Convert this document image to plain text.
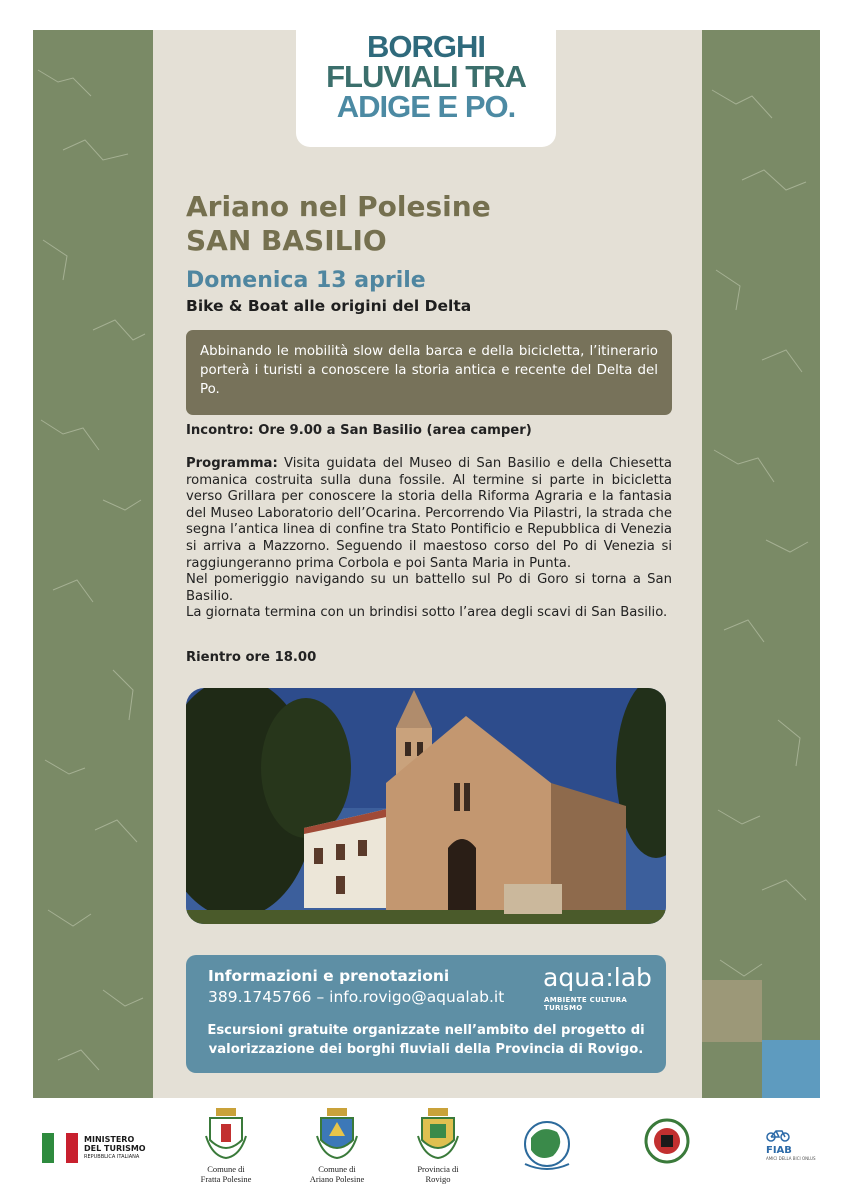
BORGHI
FLUVIALI TRA
ADIGE E PO.
Ariano nel Polesine
SAN BASILIO
Domenica 13 aprile
Bike & Boat alle origini del Delta
Abbinando le mobilità slow della barca e della bicicletta, l’itinerario porterà i turisti a conoscere la storia antica e recente del Delta del Po.
Incontro: Ore 9.00 a San Basilio (area camper)

Programma: Visita guidata del Museo di San Basilio e della Chiesetta romanica costruita sulla duna fossile. Al termine si parte in bicicletta verso Grillara per conoscere la storia della Riforma Agraria e la fantasia del Museo Laboratorio dell’Ocarina. Percorrendo Via Pilastri, la strada che segna l’antica linea di confine tra Stato Pontificio e Repubblica di Venezia si arriva a Mazzorno. Seguendo il maestoso corso del Po di Venezia si raggiungeranno prima Corbola e poi Santa Maria in Punta.

Nel pomeriggio navigando su un battello sul Po di Goro si torna a San Basilio.

La giornata termina con un brindisi sotto l’area degli scavi di San Basilio.

Rientro ore 18.00
Informazioni e prenotazioni
389.1745766 – info.rovigo@aqualab.it
aqua:lab
AMBIENTE CULTURA TURISMO
Escursioni gratuite organizzate nell’ambito del progetto di valorizzazione dei borghi fluviali della Provincia di Rovigo.
MINISTERO
DEL TURISMO
REPUBBLICA ITALIANA
Comune di
Fratta Polesine
Comune di
Ariano Polesine
Provincia di
Rovigo
FIAB
AMICI DELLA BICI ONLUS
